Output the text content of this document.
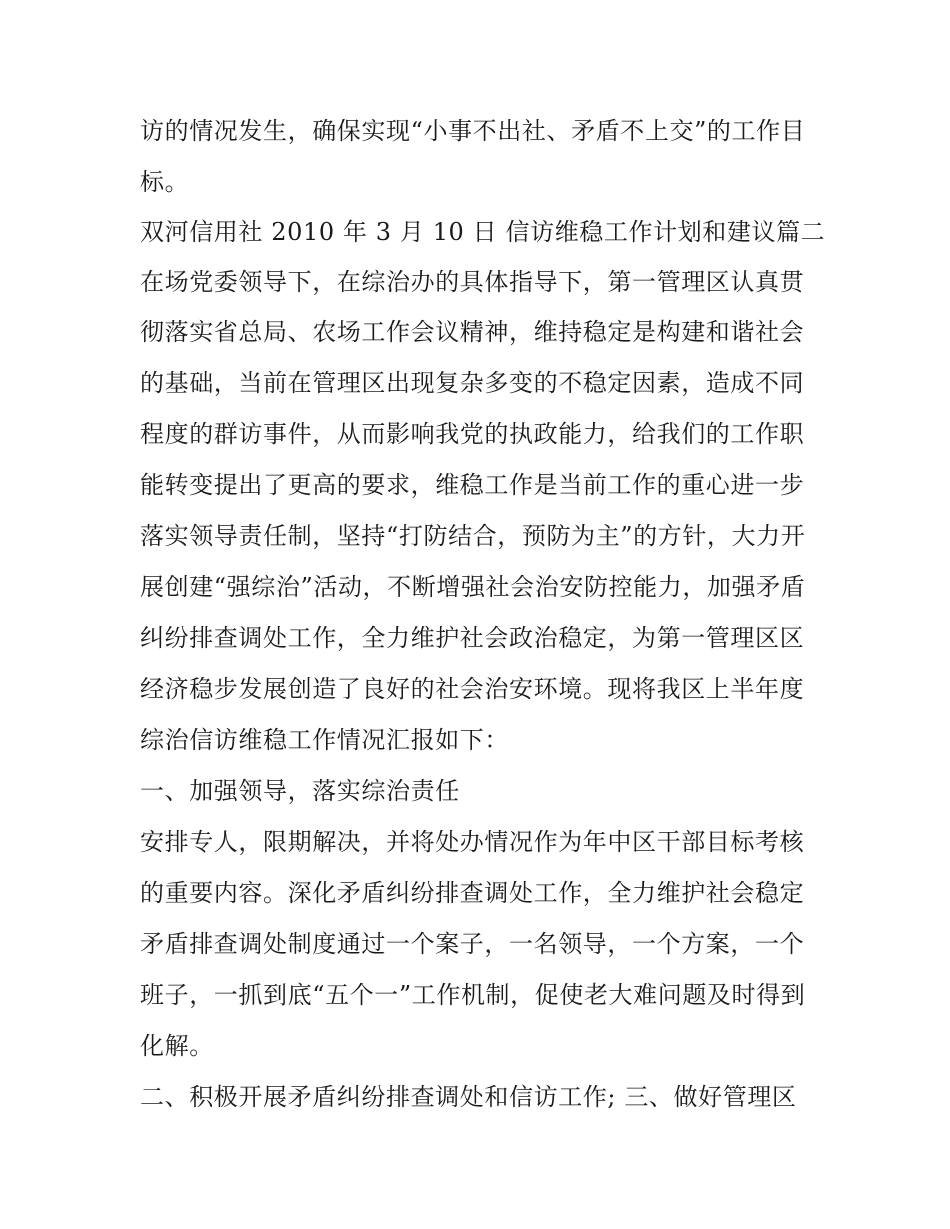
访的情况发生，确保实现“小事不出社、矛盾不上交”的工作目
标。
双河信用社 2010 年 3 月 10 日 信访维稳工作计划和建议篇二
在场党委领导下，在综治办的具体指导下，第一管理区认真贯
彻落实省总局、农场工作会议精神，维持稳定是构建和谐社会
的基础，当前在管理区出现复杂多变的不稳定因素，造成不同
程度的群访事件，从而影响我党的执政能力，给我们的工作职
能转变提出了更高的要求，维稳工作是当前工作的重心进一步
落实领导责任制，坚持“打防结合，预防为主”的方针，大力开
展创建“强综治”活动，不断增强社会治安防控能力，加强矛盾
纠纷排查调处工作，全力维护社会政治稳定，为第一管理区区
经济稳步发展创造了良好的社会治安环境。现将我区上半年度
综治信访维稳工作情况汇报如下：
一、加强领导，落实综治责任
安排专人，限期解决，并将处办情况作为年中区干部目标考核
的重要内容。深化矛盾纠纷排查调处工作，全力维护社会稳定
矛盾排查调处制度通过一个案子，一名领导，一个方案，一个
班子，一抓到底“五个一”工作机制，促使老大难问题及时得到
化解。
二、积极开展矛盾纠纷排查调处和信访工作; 三、做好管理区
